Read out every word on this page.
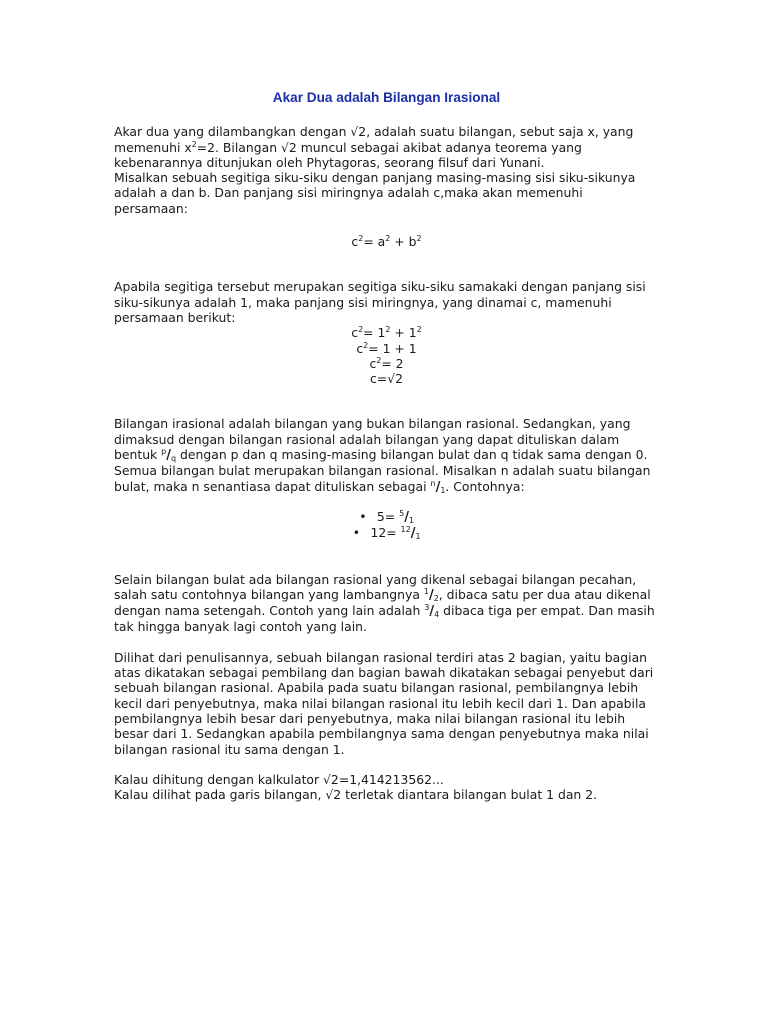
Akar Dua adalah Bilangan Irasional

Akar dua yang dilambangkan dengan √2, adalah suatu bilangan, sebut saja x, yang memenuhi $x^2=2$. Bilangan √2 muncul sebagai akibat adanya teorema yang kebenarannya ditunjukan oleh Phytagoras, seorang filsuf dari Yunani.
Misalkan sebuah segitiga siku-siku dengan panjang masing-masing sisi siku-sikunya adalah a dan b. Dan panjang sisi miringnya adalah c,maka akan memenuhi persamaan:

$c^2= a^2 + b^2$

Apabila segitiga tersebut merupakan segitiga siku-siku samakaki dengan panjang sisi siku-sikunya adalah 1, maka panjang sisi miringnya, yang dinamai c, mamenuhi persamaan berikut:

$c^2= 1^2 + 1^2$
$c^2= 1 + 1$
$c^2= 2$
c=√2

Bilangan irasional adalah bilangan yang bukan bilangan rasional. Sedangkan, yang dimaksud dengan bilangan rasional adalah bilangan yang dapat dituliskan dalam bentuk $^p/_q$ dengan p dan q masing-masing bilangan bulat dan q tidak sama dengan 0. Semua bilangan bulat merupakan bilangan rasional. Misalkan n adalah suatu bilangan bulat, maka n senantiasa dapat dituliskan sebagai $^n/_1$. Contohnya:

• $5= ^5/_1$
• $12= ^{12}/_1$

Selain bilangan bulat ada bilangan rasional yang dikenal sebagai bilangan pecahan, salah satu contohnya bilangan yang lambangnya $^1/_2$, dibaca satu per dua atau dikenal dengan nama setengah. Contoh yang lain adalah $^3/_4$ dibaca tiga per empat. Dan masih tak hingga banyak lagi contoh yang lain.

Dilihat dari penulisannya, sebuah bilangan rasional terdiri atas 2 bagian, yaitu bagian atas dikatakan sebagai pembilang dan bagian bawah dikatakan sebagai penyebut dari sebuah bilangan rasional. Apabila pada suatu bilangan rasional, pembilangnya lebih kecil dari penyebutnya, maka nilai bilangan rasional itu lebih kecil dari 1. Dan apabila pembilangnya lebih besar dari penyebutnya, maka nilai bilangan rasional itu lebih besar dari 1. Sedangkan apabila pembilangnya sama dengan penyebutnya maka nilai bilangan rasional itu sama dengan 1.

Kalau dihitung dengan kalkulator √2=1,414213562...

Kalau dilihat pada garis bilangan, √2 terletak diantara bilangan bulat 1 dan 2.
